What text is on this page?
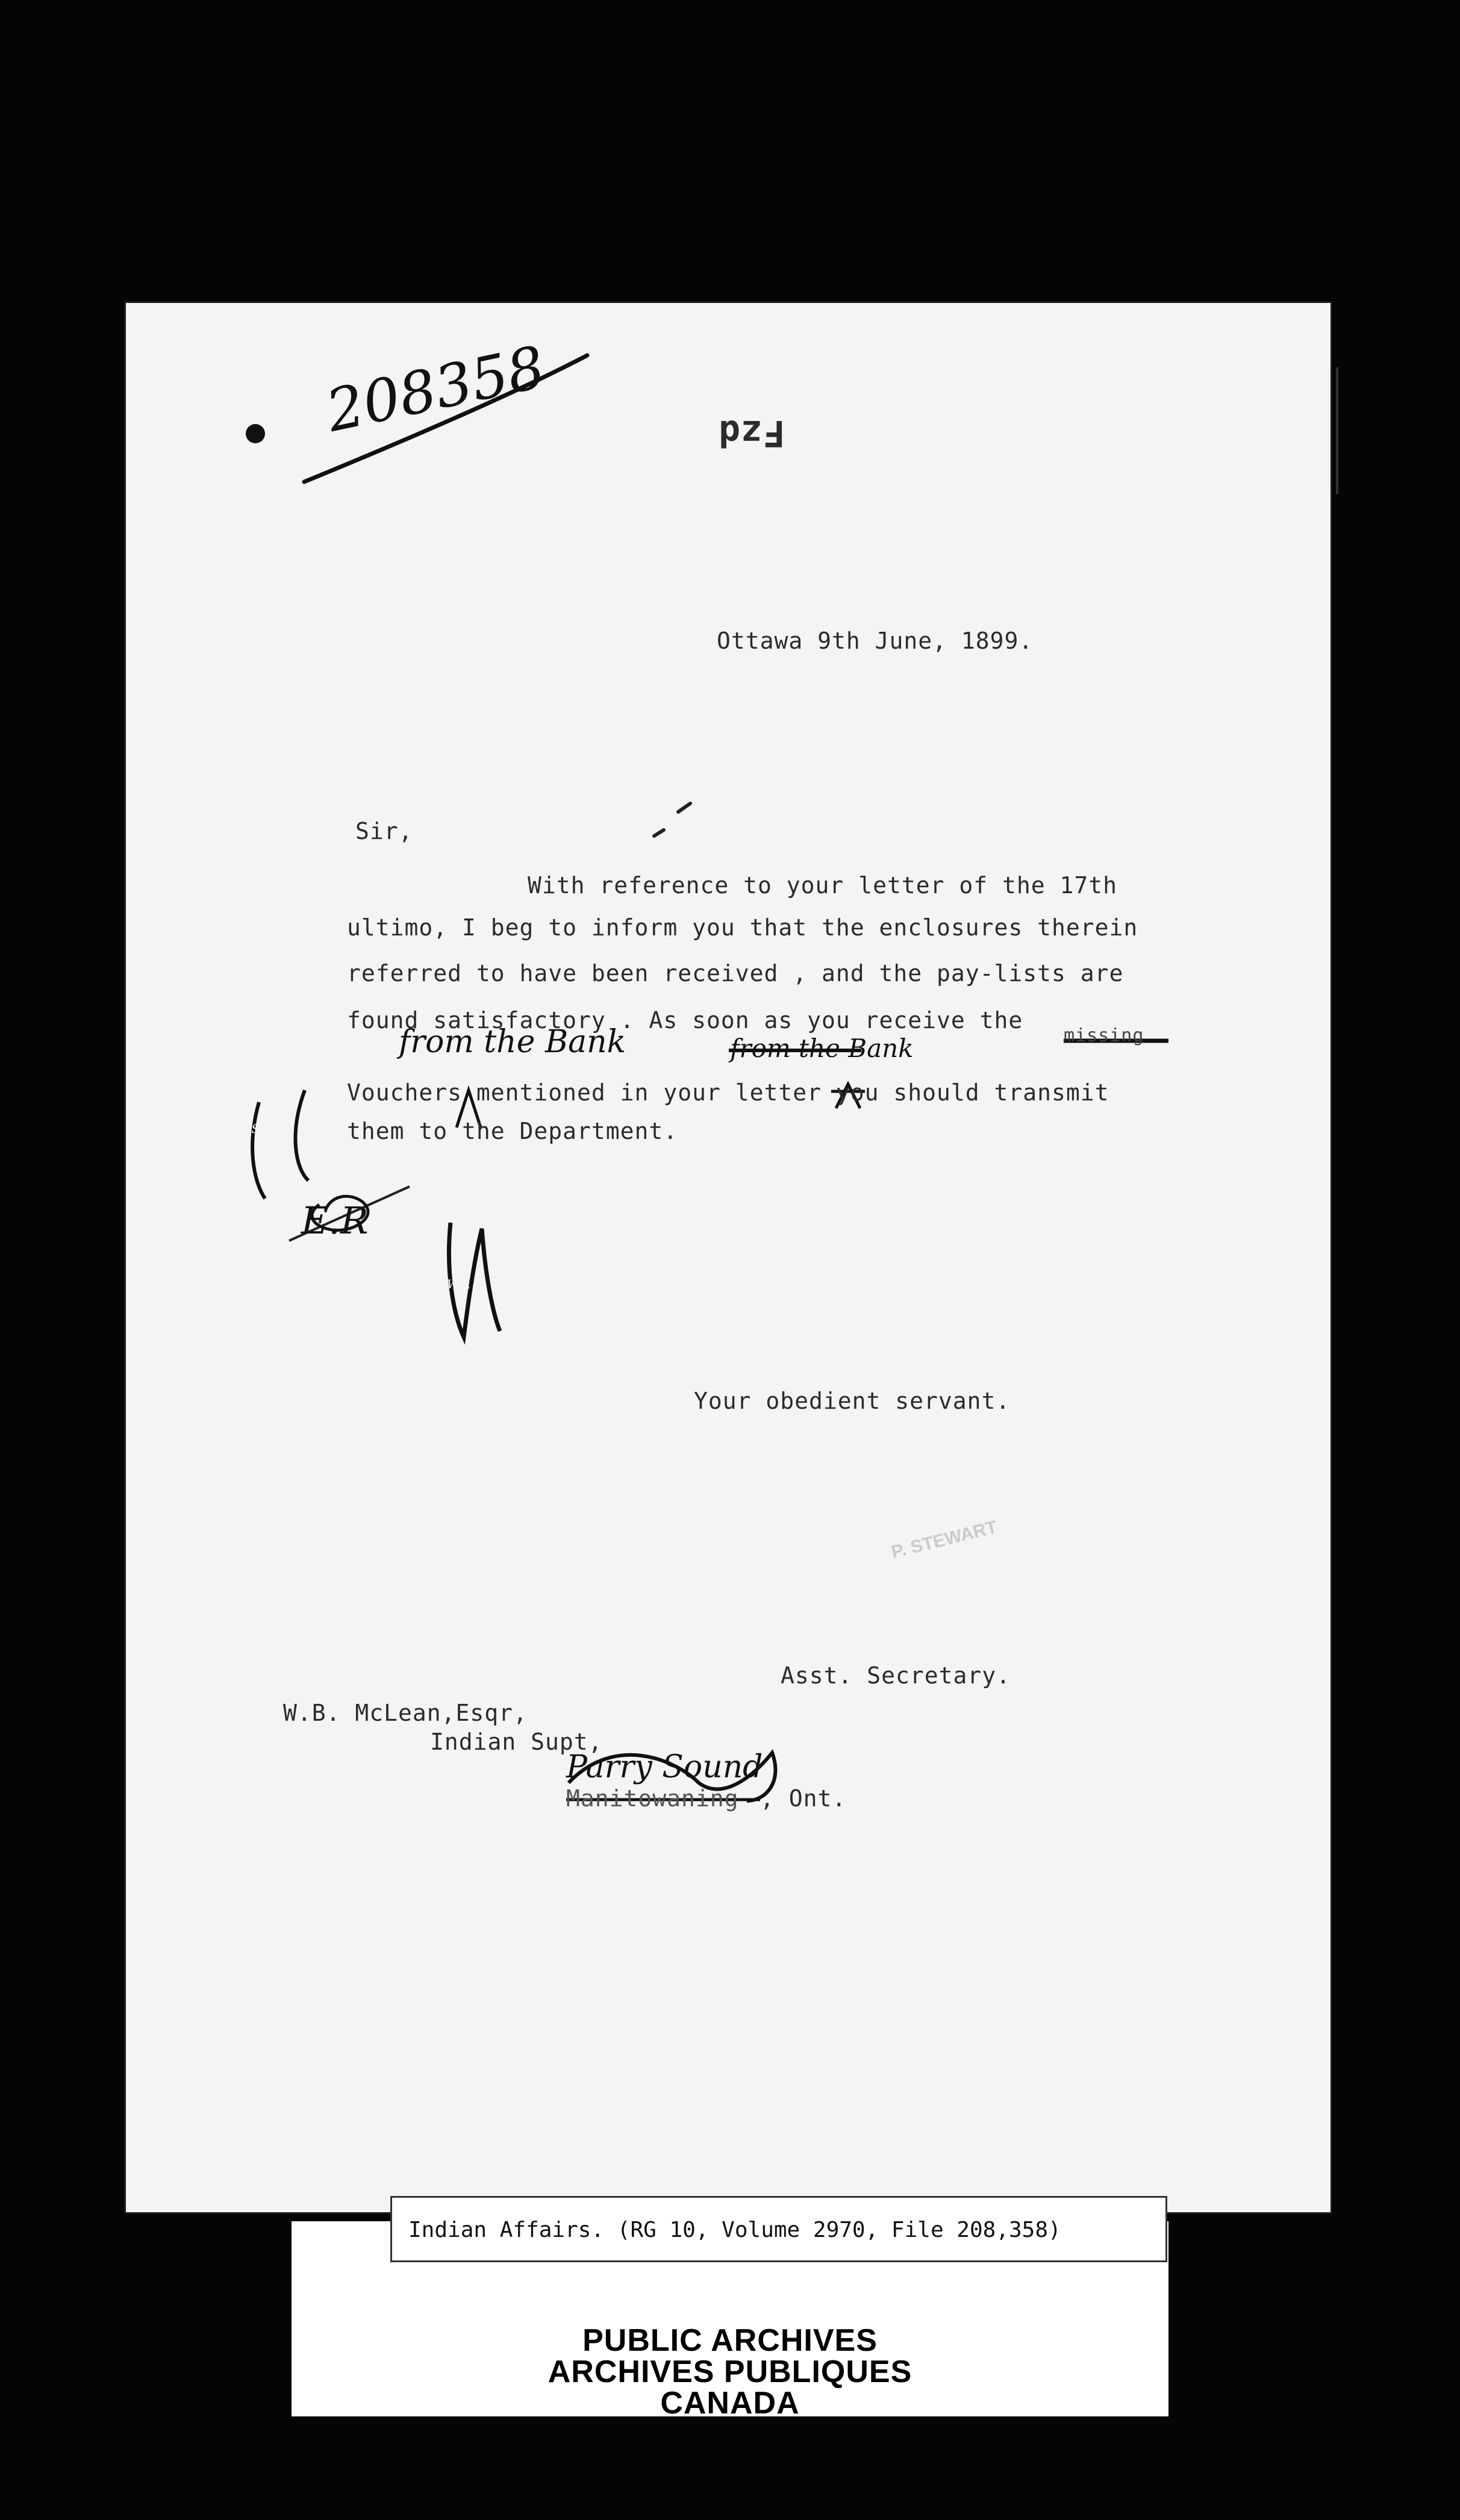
208358	Fzd
Ottawa 9th June, 1899.
Sir,
With reference to your letter of the 17th
ultimo, I beg to inform you that the enclosures therein
referred to have been received , and the pay-lists are
found satisfactory . As soon as you receive the
missing
from the Bank	from the Bank
Vouchers mentioned in your letter you should transmit
them to the Department.
S.S
E.R
W.P.
Your obedient servant.
P. STEWART
Asst. Secretary.
W.B. McLean,Esqr,
Indian Supt,
Manitowaning
Parry Sound
, Ont.
Indian Affairs. (RG 10, Volume 2970, File 208,358)
PUBLIC ARCHIVES
ARCHIVES PUBLIQUES
CANADA
